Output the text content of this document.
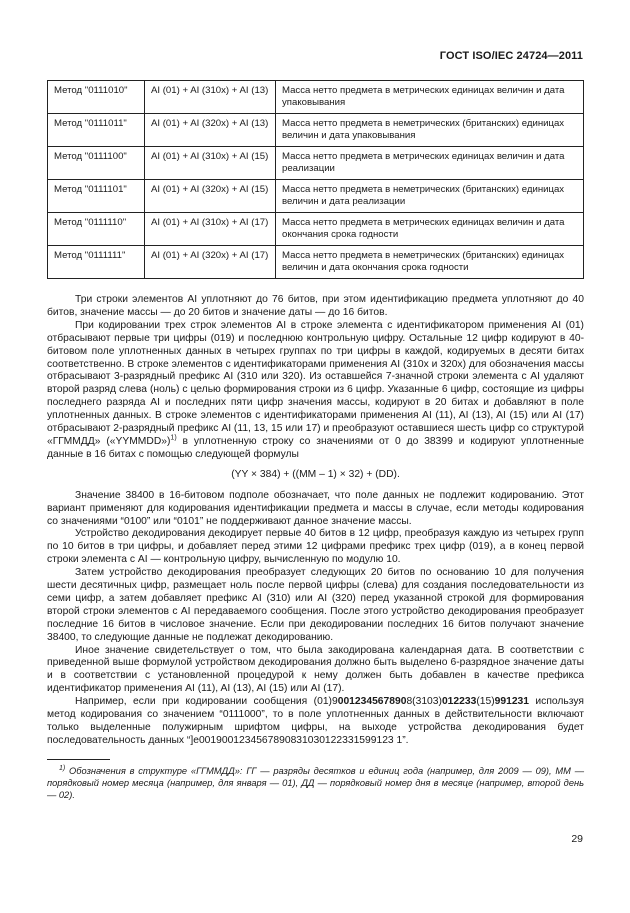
ГОСТ ISO/IEC 24724—2011
Метод "0111010"	AI (01) + AI (310x) + AI (13)	Масса нетто предмета в метрических единицах величин и дата упаковывания
Метод "0111011"	AI (01) + AI (320x) + AI (13)	Масса нетто предмета в неметрических (британских) единицах величин и дата упаковывания
Метод "0111100"	AI (01) + AI (310x) + AI (15)	Масса нетто предмета в метрических единицах величин и дата реализации
Метод "0111101"	AI (01) + AI (320x) + AI (15)	Масса нетто предмета в неметрических (британских) единицах величин и дата реализации
Метод "0111110"	AI (01) + AI (310x) + AI (17)	Масса нетто предмета в метрических единицах величин и дата окончания срока годности
Метод "0111111"	AI (01) + AI (320x) + AI (17)	Масса нетто предмета в неметрических (британских) единицах величин и дата окончания срока годности

Три строки элементов AI уплотняют до 76 битов, при этом идентификацию предмета уплотняют до 40 битов, значение массы — до 20 битов и значение даты — до 16 битов.

При кодировании трех строк элементов AI в строке элемента с идентификатором применения AI (01) отбрасывают первые три цифры (019) и последнюю контрольную цифру. Остальные 12 цифр кодируют в 40-битовом поле уплотненных данных в четырех группах по три цифры в каждой, кодируемых в десяти битах соответственно. В строке элементов с идентификаторами применения AI (310x и 320x) для обозначения массы отбрасывают 3-разрядный префикс AI (310 или 320). Из оставшейся 7-значной строки элемента с AI удаляют второй разряд слева (ноль) с целью формирования строки из 6 цифр. Указанные 6 цифр, состоящие из цифры последнего разряда AI и последних пяти цифр значения массы, кодируют в 20 битах и добавляют в поле уплотненных данных. В строке элементов с идентификаторами применения AI (11), AI (13), AI (15) или AI (17) отбрасывают 2-разрядный префикс AI (11, 13, 15 или 17) и преобразуют оставшиеся шесть цифр со структурой «ГГММДД» («YYMMDD»)$^{1)}$ в уплотненную строку со значениями от 0 до 38399 и кодируют уплотненные данные в 16 битах с помощью следующей формулы

(YY × 384) + ((MM – 1) × 32) + (DD).

Значение 38400 в 16-битовом подполе обозначает, что поле данных не подлежит кодированию. Этот вариант применяют для кодирования идентификации предмета и массы в случае, если методы кодирования со значениями “0100” или “0101” не поддерживают данное значение массы.

Устройство декодирования декодирует первые 40 битов в 12 цифр, преобразуя каждую из четырех групп по 10 битов в три цифры, и добавляет перед этими 12 цифрами префикс трех цифр (019), а в конец первой строки элемента с AI — контрольную цифру, вычисленную по модулю 10.

Затем устройство декодирования преобразует следующих 20 битов по основанию 10 для получения шести десятичных цифр, размещает ноль после первой цифры (слева) для создания последовательности из семи цифр, а затем добавляет префикс AI (310) или AI (320) перед указанной строкой для формирования второй строки элементов с AI передаваемого сообщения. После этого устройство декодирования преобразует последние 16 битов в числовое значение. Если при декодировании последних 16 битов получают значение 38400, то следующие данные не подлежат декодированию.

Иное значение свидетельствует о том, что была закодирована календарная дата. В соответствии с приведенной выше формулой устройством декодирования должно быть выделено 6-разрядное значение даты и в соответствии с установленной процедурой к нему должен быть добавлен в качестве префикса идентификатор применения AI (11), AI (13), AI (15) или AI (17).

Например, если при кодировании сообщения (01)90012345678908(3103)012233(15)991231 используя метод кодирования со значением “0111000”, то в поле уплотненных данных в действительности включают только выделенные полужирным шрифтом цифры, на выходе устройства декодирования будет последовательность данных “]e0019001234567890831030122331599123 1”.

$^{1)}$ Обозначения в структуре «ГГММДД»: ГГ — разряды десятков и единиц года (например, для 2009 — 09), ММ — порядковый номер месяца (например, для января — 01), ДД — порядковый номер дня в месяце (например, второй день — 02).
29
